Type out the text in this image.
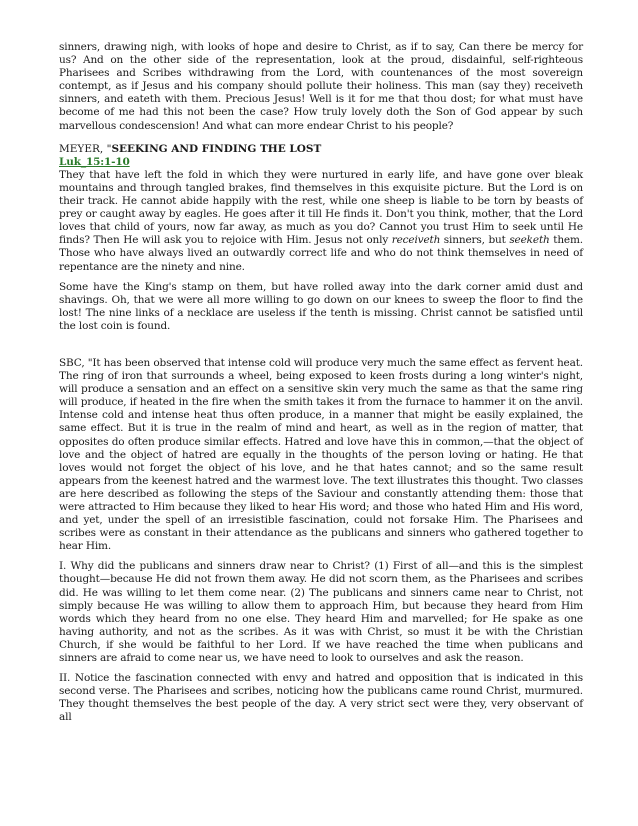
sinners, drawing nigh, with looks of hope and desire to Christ, as if to say, Can there be mercy for us? And on the other side of the representation, look at the proud, disdainful, self-righteous Pharisees and Scribes withdrawing from the Lord, with countenances of the most sovereign contempt, as if Jesus and his company should pollute their holiness. This man (say they) receiveth sinners, and eateth with them. Precious Jesus! Well is it for me that thou dost; for what must have become of me had this not been the case? How truly lovely doth the Son of God appear by such marvellous condescension! And what can more endear Christ to his people?

MEYER, "SEEKING AND FINDING THE LOST

Luk_15:1-10

They that have left the fold in which they were nurtured in early life, and have gone over bleak mountains and through tangled brakes, find themselves in this exquisite picture. But the Lord is on their track. He cannot abide happily with the rest, while one sheep is liable to be torn by beasts of prey or caught away by eagles. He goes after it till He finds it. Don't you think, mother, that the Lord loves that child of yours, now far away, as much as you do? Cannot you trust Him to seek until He finds? Then He will ask you to rejoice with Him. Jesus not only receiveth sinners, but seeketh them. Those who have always lived an outwardly correct life and who do not think themselves in need of repentance are the ninety and nine.

Some have the King's stamp on them, but have rolled away into the dark corner amid dust and shavings. Oh, that we were all more willing to go down on our knees to sweep the floor to find the lost! The nine links of a necklace are useless if the tenth is missing. Christ cannot be satisfied until the lost coin is found.

SBC, "It has been observed that intense cold will produce very much the same effect as fervent heat. The ring of iron that surrounds a wheel, being exposed to keen frosts during a long winter's night, will produce a sensation and an effect on a sensitive skin very much the same as that the same ring will produce, if heated in the fire when the smith takes it from the furnace to hammer it on the anvil. Intense cold and intense heat thus often produce, in a manner that might be easily explained, the same effect. But it is true in the realm of mind and heart, as well as in the region of matter, that opposites do often produce similar effects. Hatred and love have this in common,—that the object of love and the object of hatred are equally in the thoughts of the person loving or hating. He that loves would not forget the object of his love, and he that hates cannot; and so the same result appears from the keenest hatred and the warmest love. The text illustrates this thought. Two classes are here described as following the steps of the Saviour and constantly attending them: those that were attracted to Him because they liked to hear His word; and those who hated Him and His word, and yet, under the spell of an irresistible fascination, could not forsake Him. The Pharisees and scribes were as constant in their attendance as the publicans and sinners who gathered together to hear Him.

I. Why did the publicans and sinners draw near to Christ? (1) First of all—and this is the simplest thought—because He did not frown them away. He did not scorn them, as the Pharisees and scribes did. He was willing to let them come near. (2) The publicans and sinners came near to Christ, not simply because He was willing to allow them to approach Him, but because they heard from Him words which they heard from no one else. They heard Him and marvelled; for He spake as one having authority, and not as the scribes. As it was with Christ, so must it be with the Christian Church, if she would be faithful to her Lord. If we have reached the time when publicans and sinners are afraid to come near us, we have need to look to ourselves and ask the reason.

II. Notice the fascination connected with envy and hatred and opposition that is indicated in this second verse. The Pharisees and scribes, noticing how the publicans came round Christ, murmured. They thought themselves the best people of the day. A very strict sect were they, very observant of all
